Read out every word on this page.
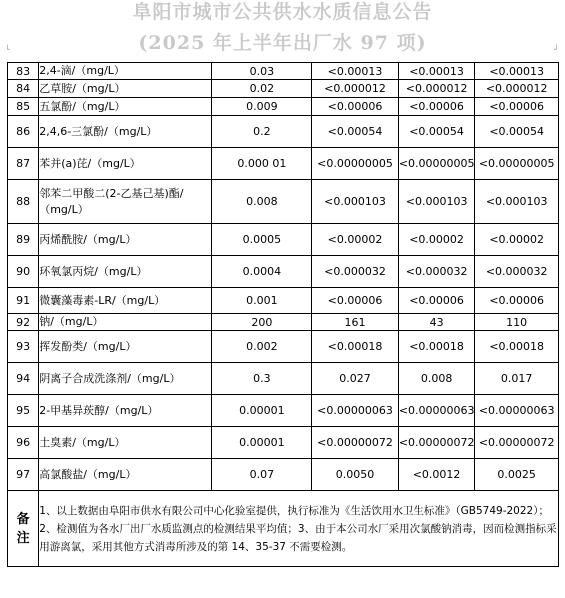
阜阳市城市公共供水水质信息公告
(2025 年上半年出厂水 97 项)
└	┘
83	2,4-滴/（mg/L）	0.03	<0.00013	<0.00013	<0.00013
84	乙草胺/（mg/L）	0.02	<0.000012	<0.000012	<0.000012
85	五氯酚/（mg/L）	0.009	<0.00006	<0.00006	<0.00006
86	2,4,6-三氯酚/（mg/L）	0.2	<0.00054	<0.00054	<0.00054
87	苯并(a)芘/（mg/L）	0.000 01	<0.00000005	<0.00000005	<0.00000005
88	邻苯二甲酸二(2-乙基己基)酯/（mg/L）	0.008	<0.000103	<0.000103	<0.000103
89	丙烯酰胺/（mg/L）	0.0005	<0.00002	<0.00002	<0.00002
90	环氧氯丙烷/（mg/L）	0.0004	<0.000032	<0.000032	<0.000032
91	微囊藻毒素-LR/（mg/L）	0.001	<0.00006	<0.00006	<0.00006
92	钠/（mg/L）	200	161	43	110
93	挥发酚类/（mg/L）	0.002	<0.00018	<0.00018	<0.00018
94	阴离子合成洗涤剂/（mg/L）	0.3	0.027	0.008	0.017
95	2-甲基异莰醇/（mg/L）	0.00001	<0.00000063	<0.00000063	<0.00000063
96	土臭素/（mg/L）	0.00001	<0.00000072	<0.00000072	<0.00000072
97	高氯酸盐/（mg/L）	0.07	0.0050	<0.0012	0.0025
备注	1、以上数据由阜阳市供水有限公司中心化验室提供，执行标准为《生活饮用水卫生标准》（GB5749-2022）；2、检测值为各水厂出厂水质监测点的检测结果平均值；3、由于本公司水厂采用次氯酸钠消毒，因而检测指标采用游离氯，采用其他方式消毒所涉及的第 14、35-37 不需要检测。				
